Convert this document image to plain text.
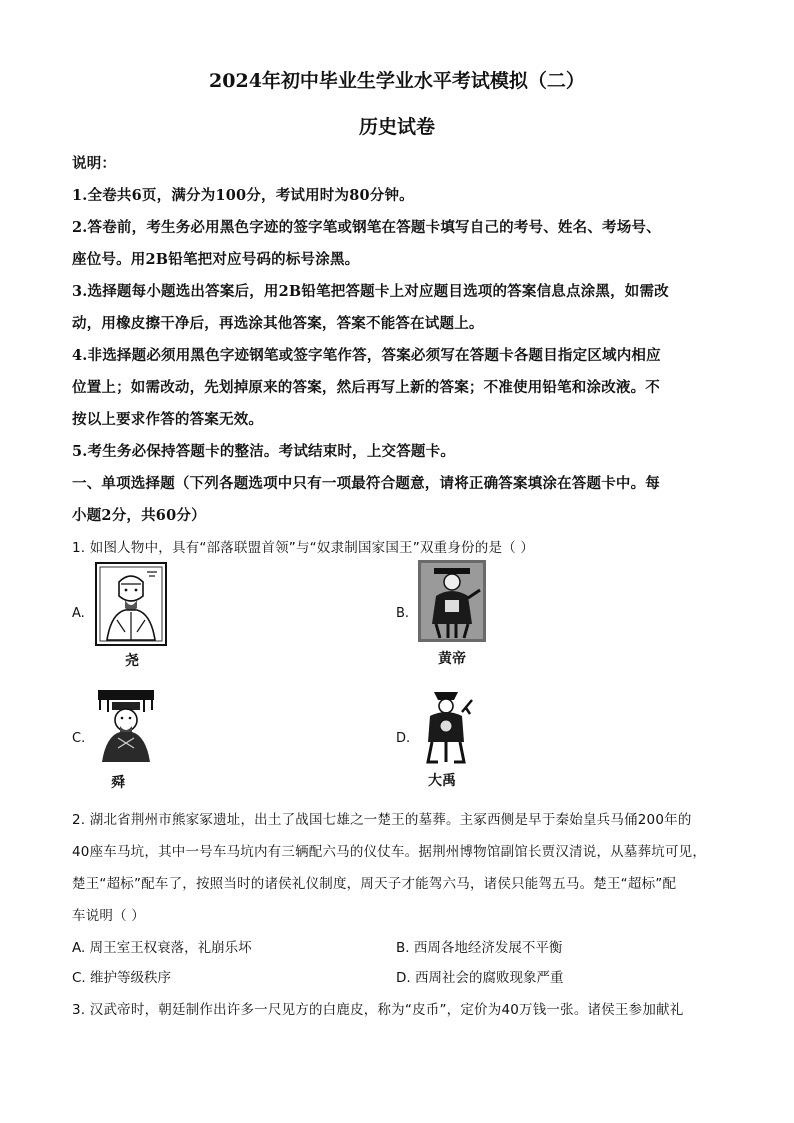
2024年初中毕业生学业水平考试模拟（二）
历史试卷
说明：
1.全卷共6页，满分为100分，考试用时为80分钟。
2.答卷前，考生务必用黑色字迹的签字笔或钢笔在答题卡填写自己的考号、姓名、考场号、
座位号。用2B铅笔把对应号码的标号涂黑。
3.选择题每小题选出答案后，用2B铅笔把答题卡上对应题目选项的答案信息点涂黑，如需改
动，用橡皮擦干净后，再选涂其他答案，答案不能答在试题上。
4.非选择题必须用黑色字迹钢笔或签字笔作答，答案必须写在答题卡各题目指定区域内相应
位置上；如需改动，先划掉原来的答案，然后再写上新的答案；不准使用铅笔和涂改液。不
按以上要求作答的答案无效。
5.考生务必保持答题卡的整洁。考试结束时，上交答题卡。
一、单项选择题（下列各题选项中只有一项最符合题意，请将正确答案填涂在答题卡中。每
小题2分，共60分）
1. 如图人物中，具有“部落联盟首领”与“奴隶制国家国王”双重身份的是（ ）
A.
尧
B.
黄帝
C.
舜
D.
大禹
2. 湖北省荆州市熊家冢遗址，出土了战国七雄之一楚王的墓葬。主冢西侧是早于秦始皇兵马俑200年的
40座车马坑，其中一号车马坑内有三辆配六马的仪仗车。据荆州博物馆副馆长贾汉清说，从墓葬坑可见，
楚王“超标”配车了，按照当时的诸侯礼仪制度，周天子才能驾六马，诸侯只能驾五马。楚王“超标”配
车说明（ ）
A. 周王室王权衰落，礼崩乐坏	B. 西周各地经济发展不平衡
C. 维护等级秩序	D. 西周社会的腐败现象严重
3. 汉武帝时，朝廷制作出许多一尺见方的白鹿皮，称为“皮币”，定价为40万钱一张。诸侯王参加献礼
